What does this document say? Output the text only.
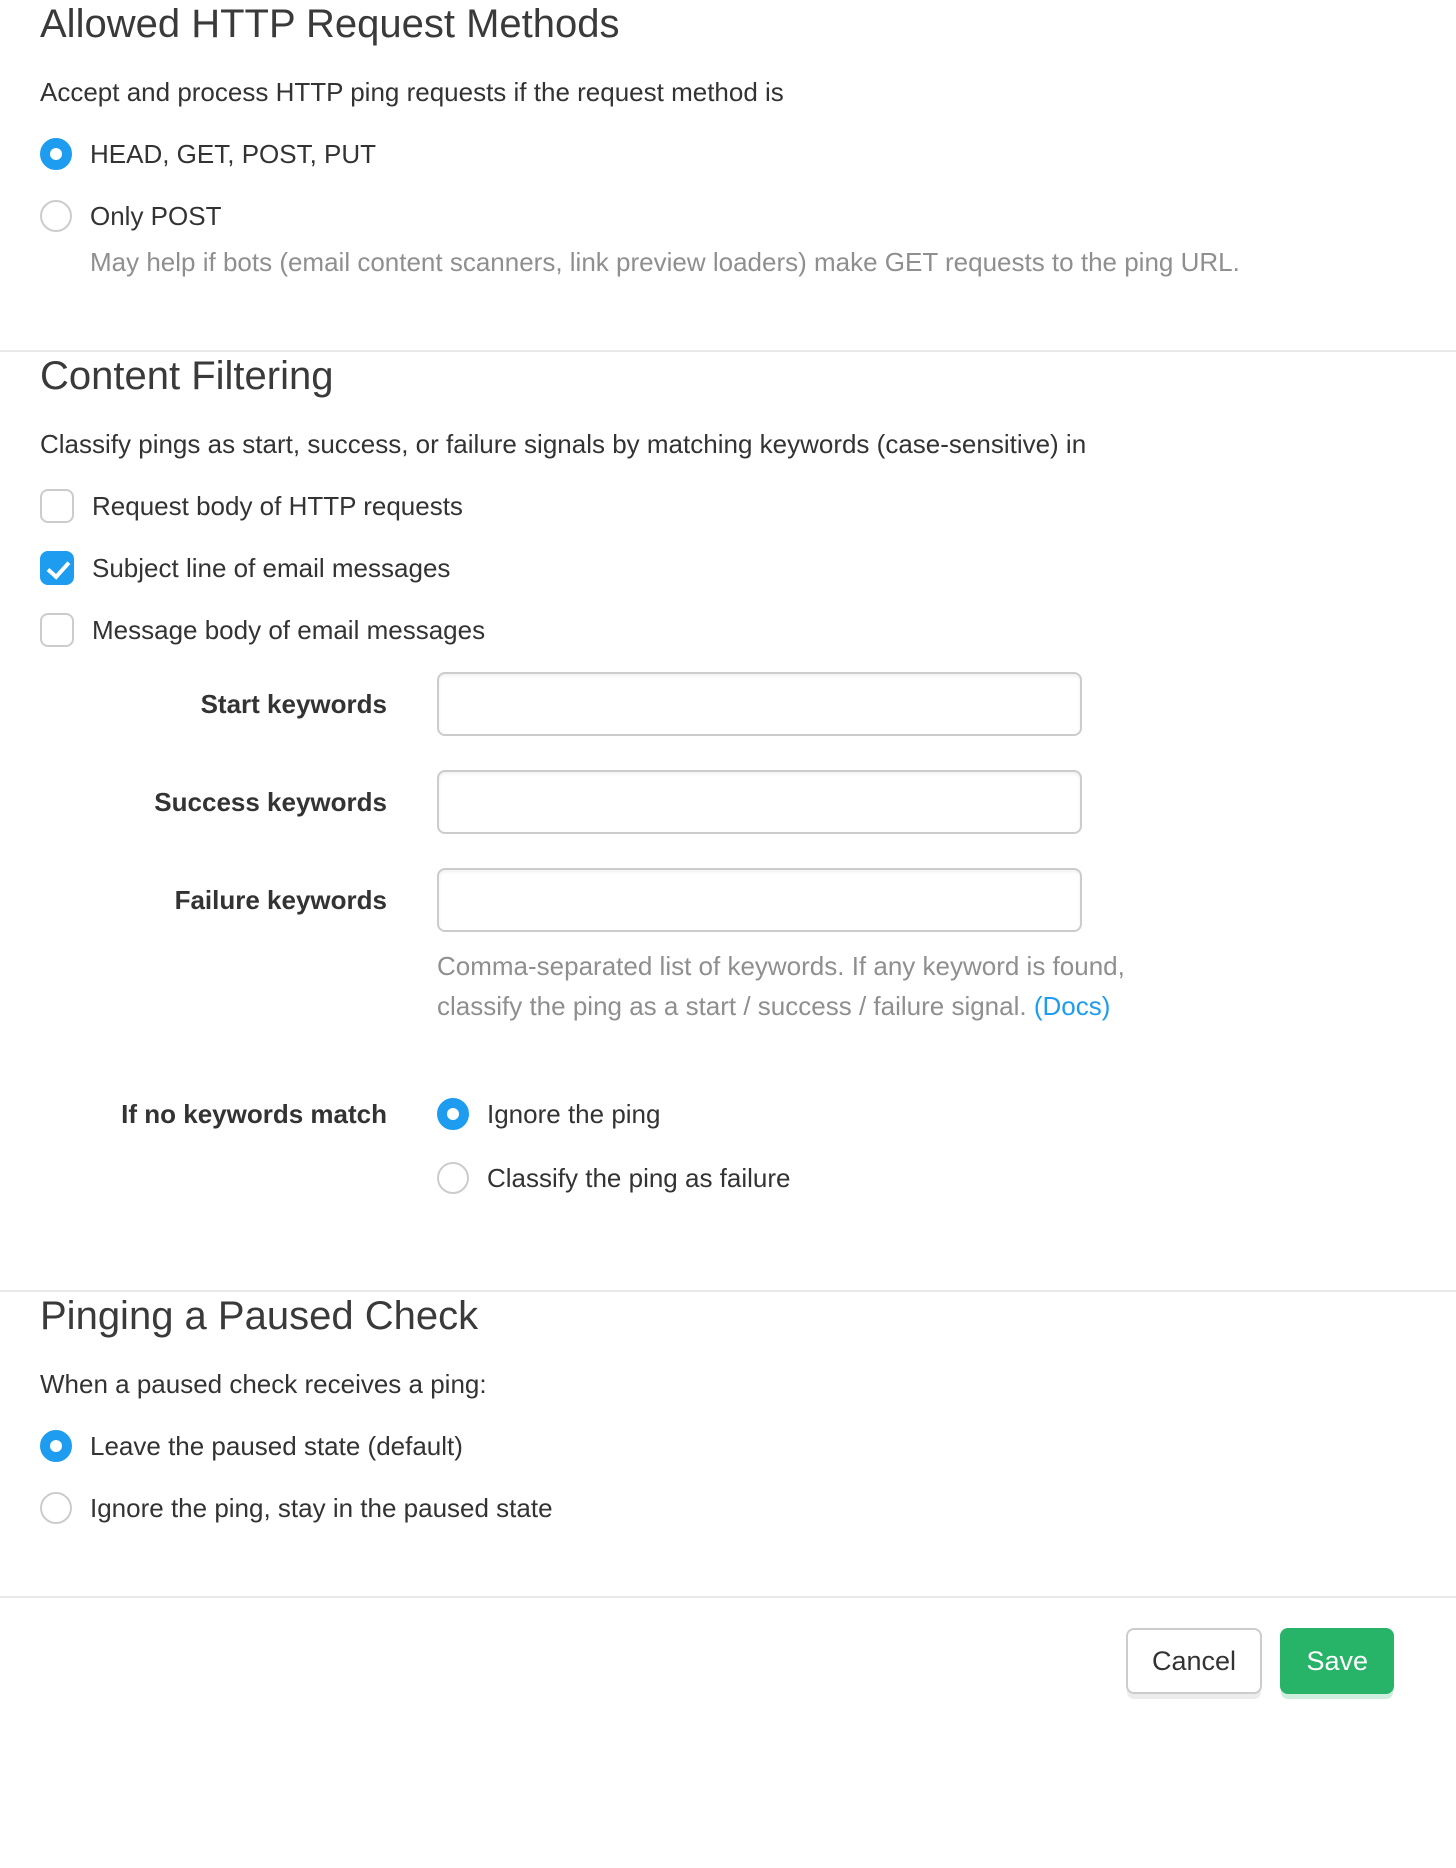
Allowed HTTP Request Methods
Accept and process HTTP ping requests if the request method is
HEAD, GET, POST, PUT
Only POST
May help if bots (email content scanners, link preview loaders) make GET requests to the ping URL.
Content Filtering
Classify pings as start, success, or failure signals by matching keywords (case-sensitive) in
Request body of HTTP requests
Subject line of email messages
Message body of email messages
Start keywords
Success keywords
Failure keywords
Comma-separated list of keywords. If any keyword is found,
classify the ping as a start / success / failure signal. (Docs)
If no keywords match	Ignore the ping
Classify the ping as failure
Pinging a Paused Check
When a paused check receives a ping:
Leave the paused state (default)
Ignore the ping, stay in the paused state
Cancel	Save
